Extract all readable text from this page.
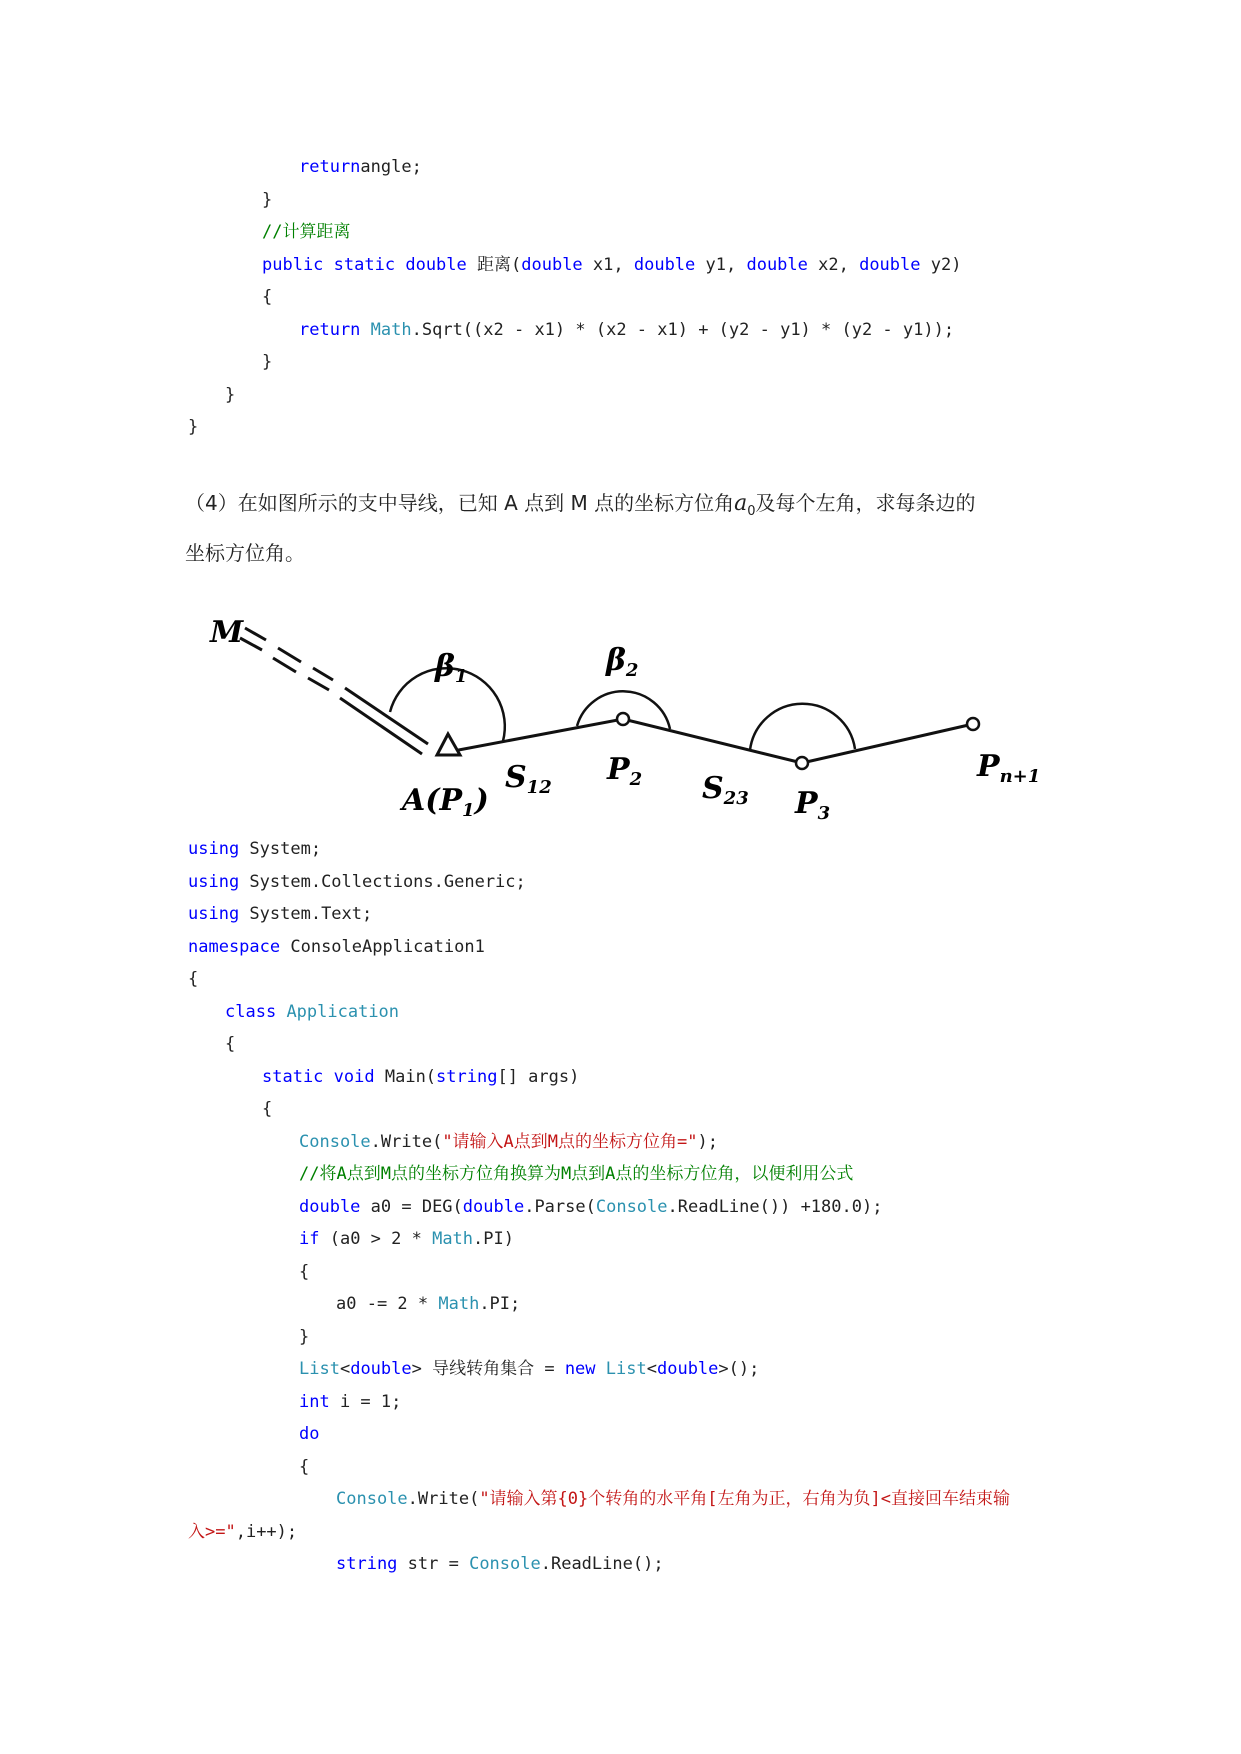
returnangle;
}
//计算距离
public static double 距离(double x1, double y1, double x2, double y2)
{
return Math.Sqrt((x2 - x1) * (x2 - x1) + (y2 - y1) * (y2 - y1));
}
}
}
（4）在如图所示的支中导线，已知 A 点到 M 点的坐标方位角$a_0$及每个左角，求每条边的
坐标方位角。
M
$\beta_1$	$\beta_2$
$A(P_1)$
$S_{12}$
$P_2$ $S_{23}$ $P_3$
$P_{n+1}$
using System;
using System.Collections.Generic;
using System.Text;
namespace ConsoleApplication1
{
class Application
{
static void Main(string[] args)
{
Console.Write("请输入A点到M点的坐标方位角=");
//将A点到M点的坐标方位角换算为M点到A点的坐标方位角，以便利用公式
double a0 = DEG(double.Parse(Console.ReadLine()) +180.0);
if (a0 > 2 * Math.PI)
{
a0 -= 2 * Math.PI;
}
List<double> 导线转角集合 = new List<double>();
int i = 1;
do
{
Console.Write("请输入第{0}个转角的水平角[左角为正，右角为负]<直接回车结束输
入>=",i++);
string str = Console.ReadLine();
